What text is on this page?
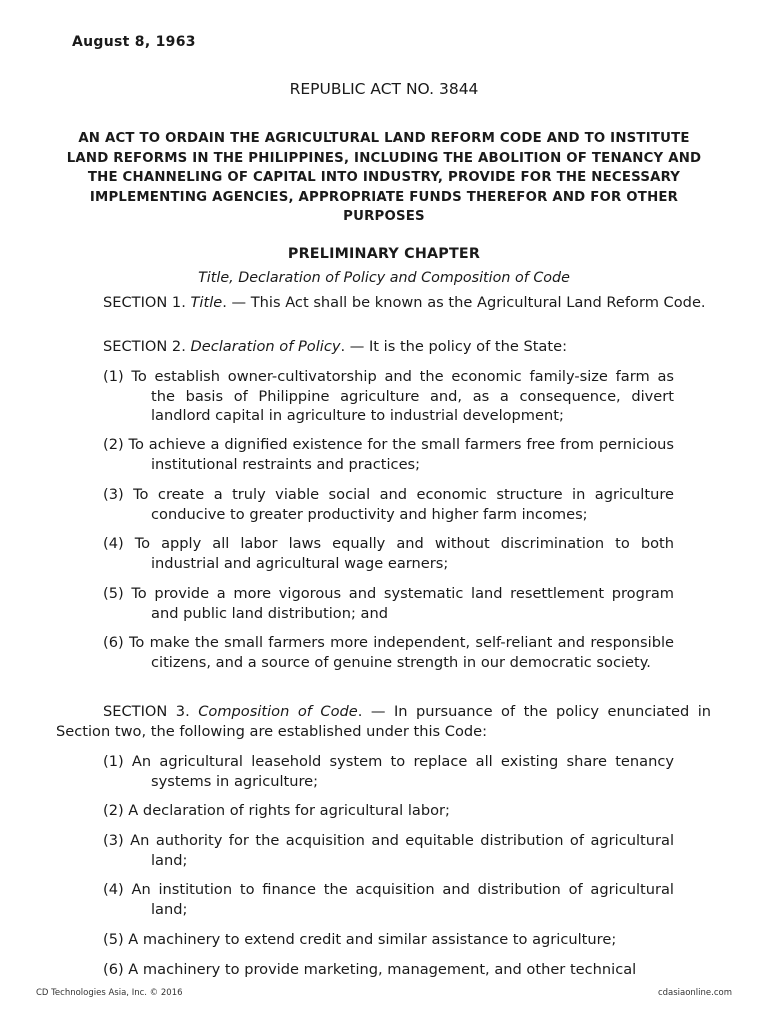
August 8, 1963
REPUBLIC ACT NO. 3844
AN ACT TO ORDAIN THE AGRICULTURAL LAND REFORM CODE AND TO INSTITUTE LAND REFORMS IN THE PHILIPPINES, INCLUDING THE ABOLITION OF TENANCY AND THE CHANNELING OF CAPITAL INTO INDUSTRY, PROVIDE FOR THE NECESSARY IMPLEMENTING AGENCIES, APPROPRIATE FUNDS THEREFOR AND FOR OTHER PURPOSES
PRELIMINARY CHAPTER
Title, Declaration of Policy and Composition of Code
SECTION 1. Title. — This Act shall be known as the Agricultural Land Reform Code.
SECTION 2. Declaration of Policy. — It is the policy of the State:
(1) To establish owner-cultivatorship and the economic family-size farm as the basis of Philippine agriculture and, as a consequence, divert landlord capital in agriculture to industrial development;
(2) To achieve a dignified existence for the small farmers free from pernicious institutional restraints and practices;
(3) To create a truly viable social and economic structure in agriculture conducive to greater productivity and higher farm incomes;
(4) To apply all labor laws equally and without discrimination to both industrial and agricultural wage earners;
(5) To provide a more vigorous and systematic land resettlement program and public land distribution; and
(6) To make the small farmers more independent, self-reliant and responsible citizens, and a source of genuine strength in our democratic society.
SECTION 3. Composition of Code. — In pursuance of the policy enunciated in Section two, the following are established under this Code:
(1) An agricultural leasehold system to replace all existing share tenancy systems in agriculture;
(2) A declaration of rights for agricultural labor;
(3) An authority for the acquisition and equitable distribution of agricultural land;
(4) An institution to finance the acquisition and distribution of agricultural land;
(5) A machinery to extend credit and similar assistance to agriculture;
(6) A machinery to provide marketing, management, and other technical
CD Technologies Asia, Inc. © 2016	cdasiaonline.com
